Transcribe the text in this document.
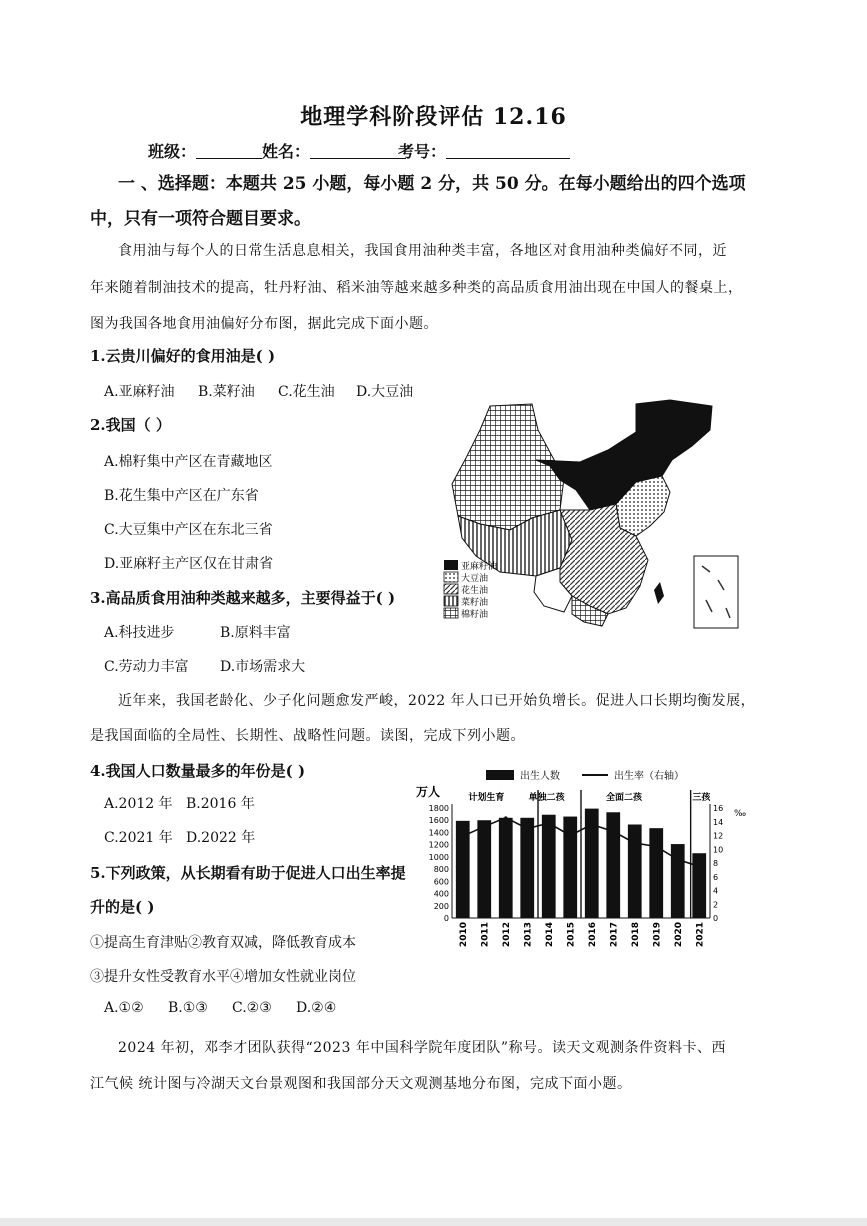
地理学科阶段评估 12.16
班级：	姓名：	考号：
一 、选择题：本题共 25 小题，每小题 2 分，共 50 分。在每小题给出的四个选项
中，只有一项符合题目要求。
食用油与每个人的日常生活息息相关，我国食用油种类丰富，各地区对食用油种类偏好不同，近
年来随着制油技术的提高，牡丹籽油、稻米油等越来越多种类的高品质食用油出现在中国人的餐桌上，
图为我国各地食用油偏好分布图，据此完成下面小题。
1.云贵川偏好的食用油是( )
A.亚麻籽油 B.菜籽油 C.花生油 D.大豆油
2.我国（ ）
A.棉籽集中产区在青藏地区
B.花生集中产区在广东省
C.大豆集中产区在东北三省
D.亚麻籽主产区仅在甘肃省
3.高品质食用油种类越来越多，主要得益于( )
A.科技进步	B.原料丰富
C.劳动力丰富 D.市场需求大
亚麻籽油
大豆油
花生油
菜籽油
棉籽油
近年来，我国老龄化、少子化问题愈发严峻，2022 年人口已开始负增长。促进人口长期均衡发展，
是我国面临的全局性、长期性、战略性问题。读图，完成下列小题。
4.我国人口数量最多的年份是( )
A.2012 年 B.2016 年
C.2021 年 D.2022 年
5.下列政策，从长期看有助于促进人口出生率提
升的是( )
①提高生育津贴②教育双减，降低教育成本
③提升女性受教育水平④增加女性就业岗位
A.①② B.①③ C.②③ D.②④
出生人数	出生率（右轴）
万人
‰
0
200
400
600
800
1000
1200
1400
1600
1800
0
2
4
6
8
10
12
14
16
2010 2011 2012 2013 2014 2015 2016 2017 2018 2019 2020 2021
计划生育	单独二孩	全面二孩	三孩
2024 年初，邓李才团队获得“2023 年中国科学院年度团队”称号。读天文观测条件资料卡、西
江气候 统计图与冷湖天文台景观图和我国部分天文观测基地分布图，完成下面小题。
